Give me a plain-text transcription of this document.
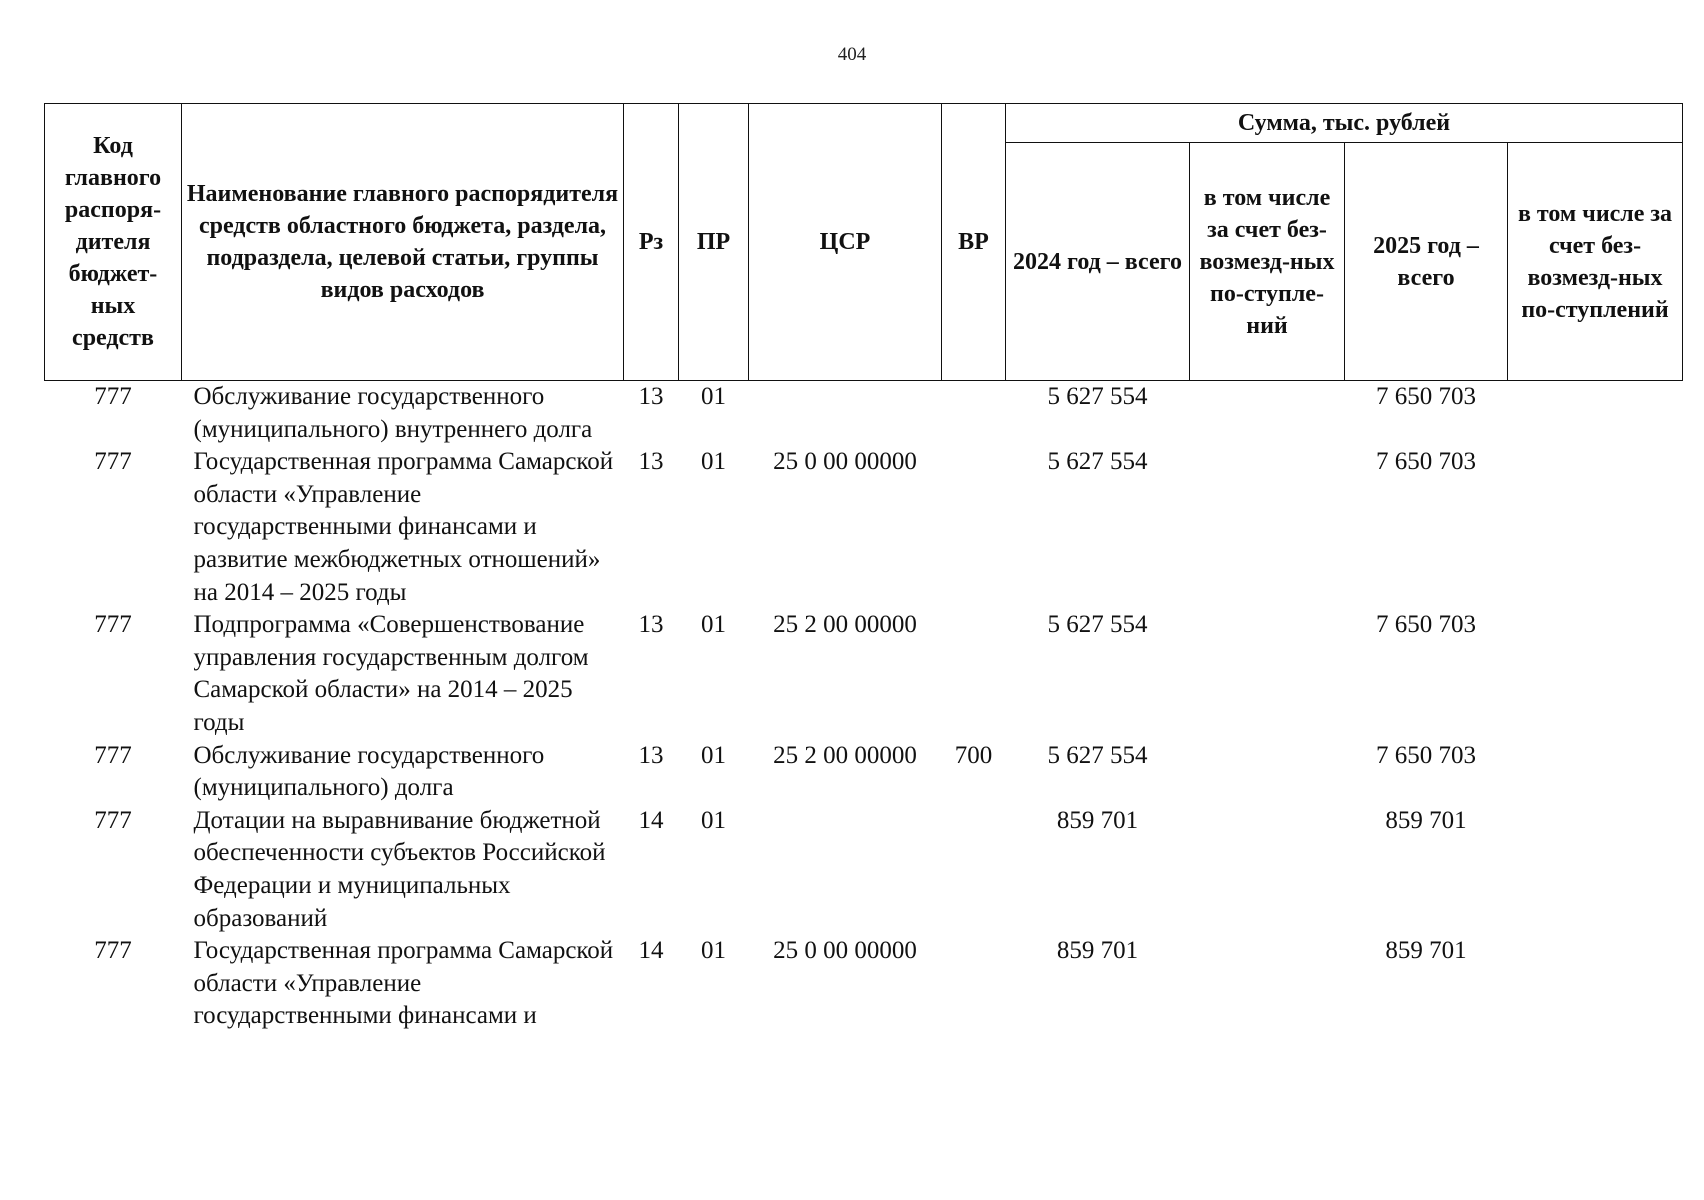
404
Код главного распоря-дителя бюджет-ных средств	Наименование главного распорядителя средств областного бюджета, раздела, подраздела, целевой статьи, группы видов расходов	Рз	ПР	ЦСР	ВР	Сумма, тыс. рублей			
						2024 год – всего	в том числе за счет без-возмезд-ных по-ступле-ний	2025 год – всего	в том числе за счет без-возмезд-ных по-ступлений
777	Обслуживание государственного (муниципального) внутреннего долга	13	01			5 627 554		7 650 703	
777	Государственная программа Самарской области «Управление государственными финансами и развитие межбюджетных отношений» на 2014 – 2025 годы	13	01	25 0 00 00000		5 627 554		7 650 703	
777	Подпрограмма «Совершенствование управления государственным долгом Самарской области» на 2014 – 2025 годы	13	01	25 2 00 00000		5 627 554		7 650 703	
777	Обслуживание государственного (муниципального) долга	13	01	25 2 00 00000	700	5 627 554		7 650 703	
777	Дотации на выравнивание бюджетной обеспеченности субъектов Российской Федерации и муниципальных образований	14	01			859 701		859 701	
777	Государственная программа Самарской области «Управление государственными финансами и	14	01	25 0 00 00000		859 701		859 701	
